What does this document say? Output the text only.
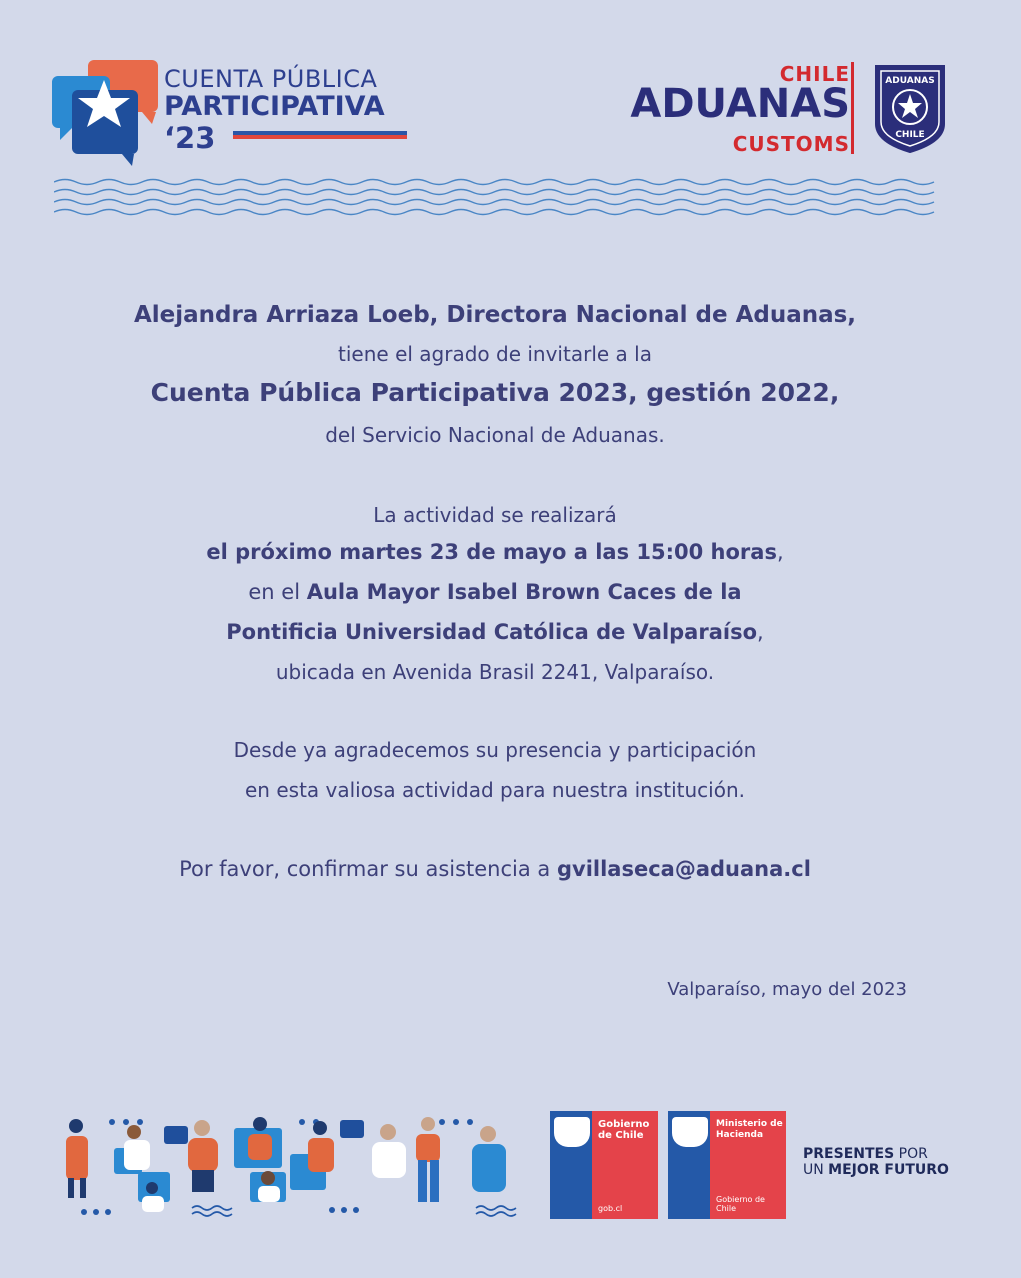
CUENTA PÚBLICA
PARTICIPATIVA
‘23
CHILE
ADUANAS
CUSTOMS
ADUANAS
CHILE
Alejandra Arriaza Loeb, Directora Nacional de Aduanas,
tiene el agrado de invitarle a la
Cuenta Pública Participativa 2023, gestión 2022,
del Servicio Nacional de Aduanas.
La actividad se realizará
el próximo martes 23 de mayo a las 15:00 horas,
en el Aula Mayor Isabel Brown Caces de la
Pontificia Universidad Católica de Valparaíso,
ubicada en Avenida Brasil 2241, Valparaíso.
Desde ya agradecemos su presencia y participación
en esta valiosa actividad para nuestra institución.
Por favor, confirmar su asistencia a gvillaseca@aduana.cl
Valparaíso, mayo del 2023
Gobierno
de Chile
gob.cl
Ministerio de
Hacienda
Gobierno de Chile
PRESENTES POR
UN MEJOR FUTURO
